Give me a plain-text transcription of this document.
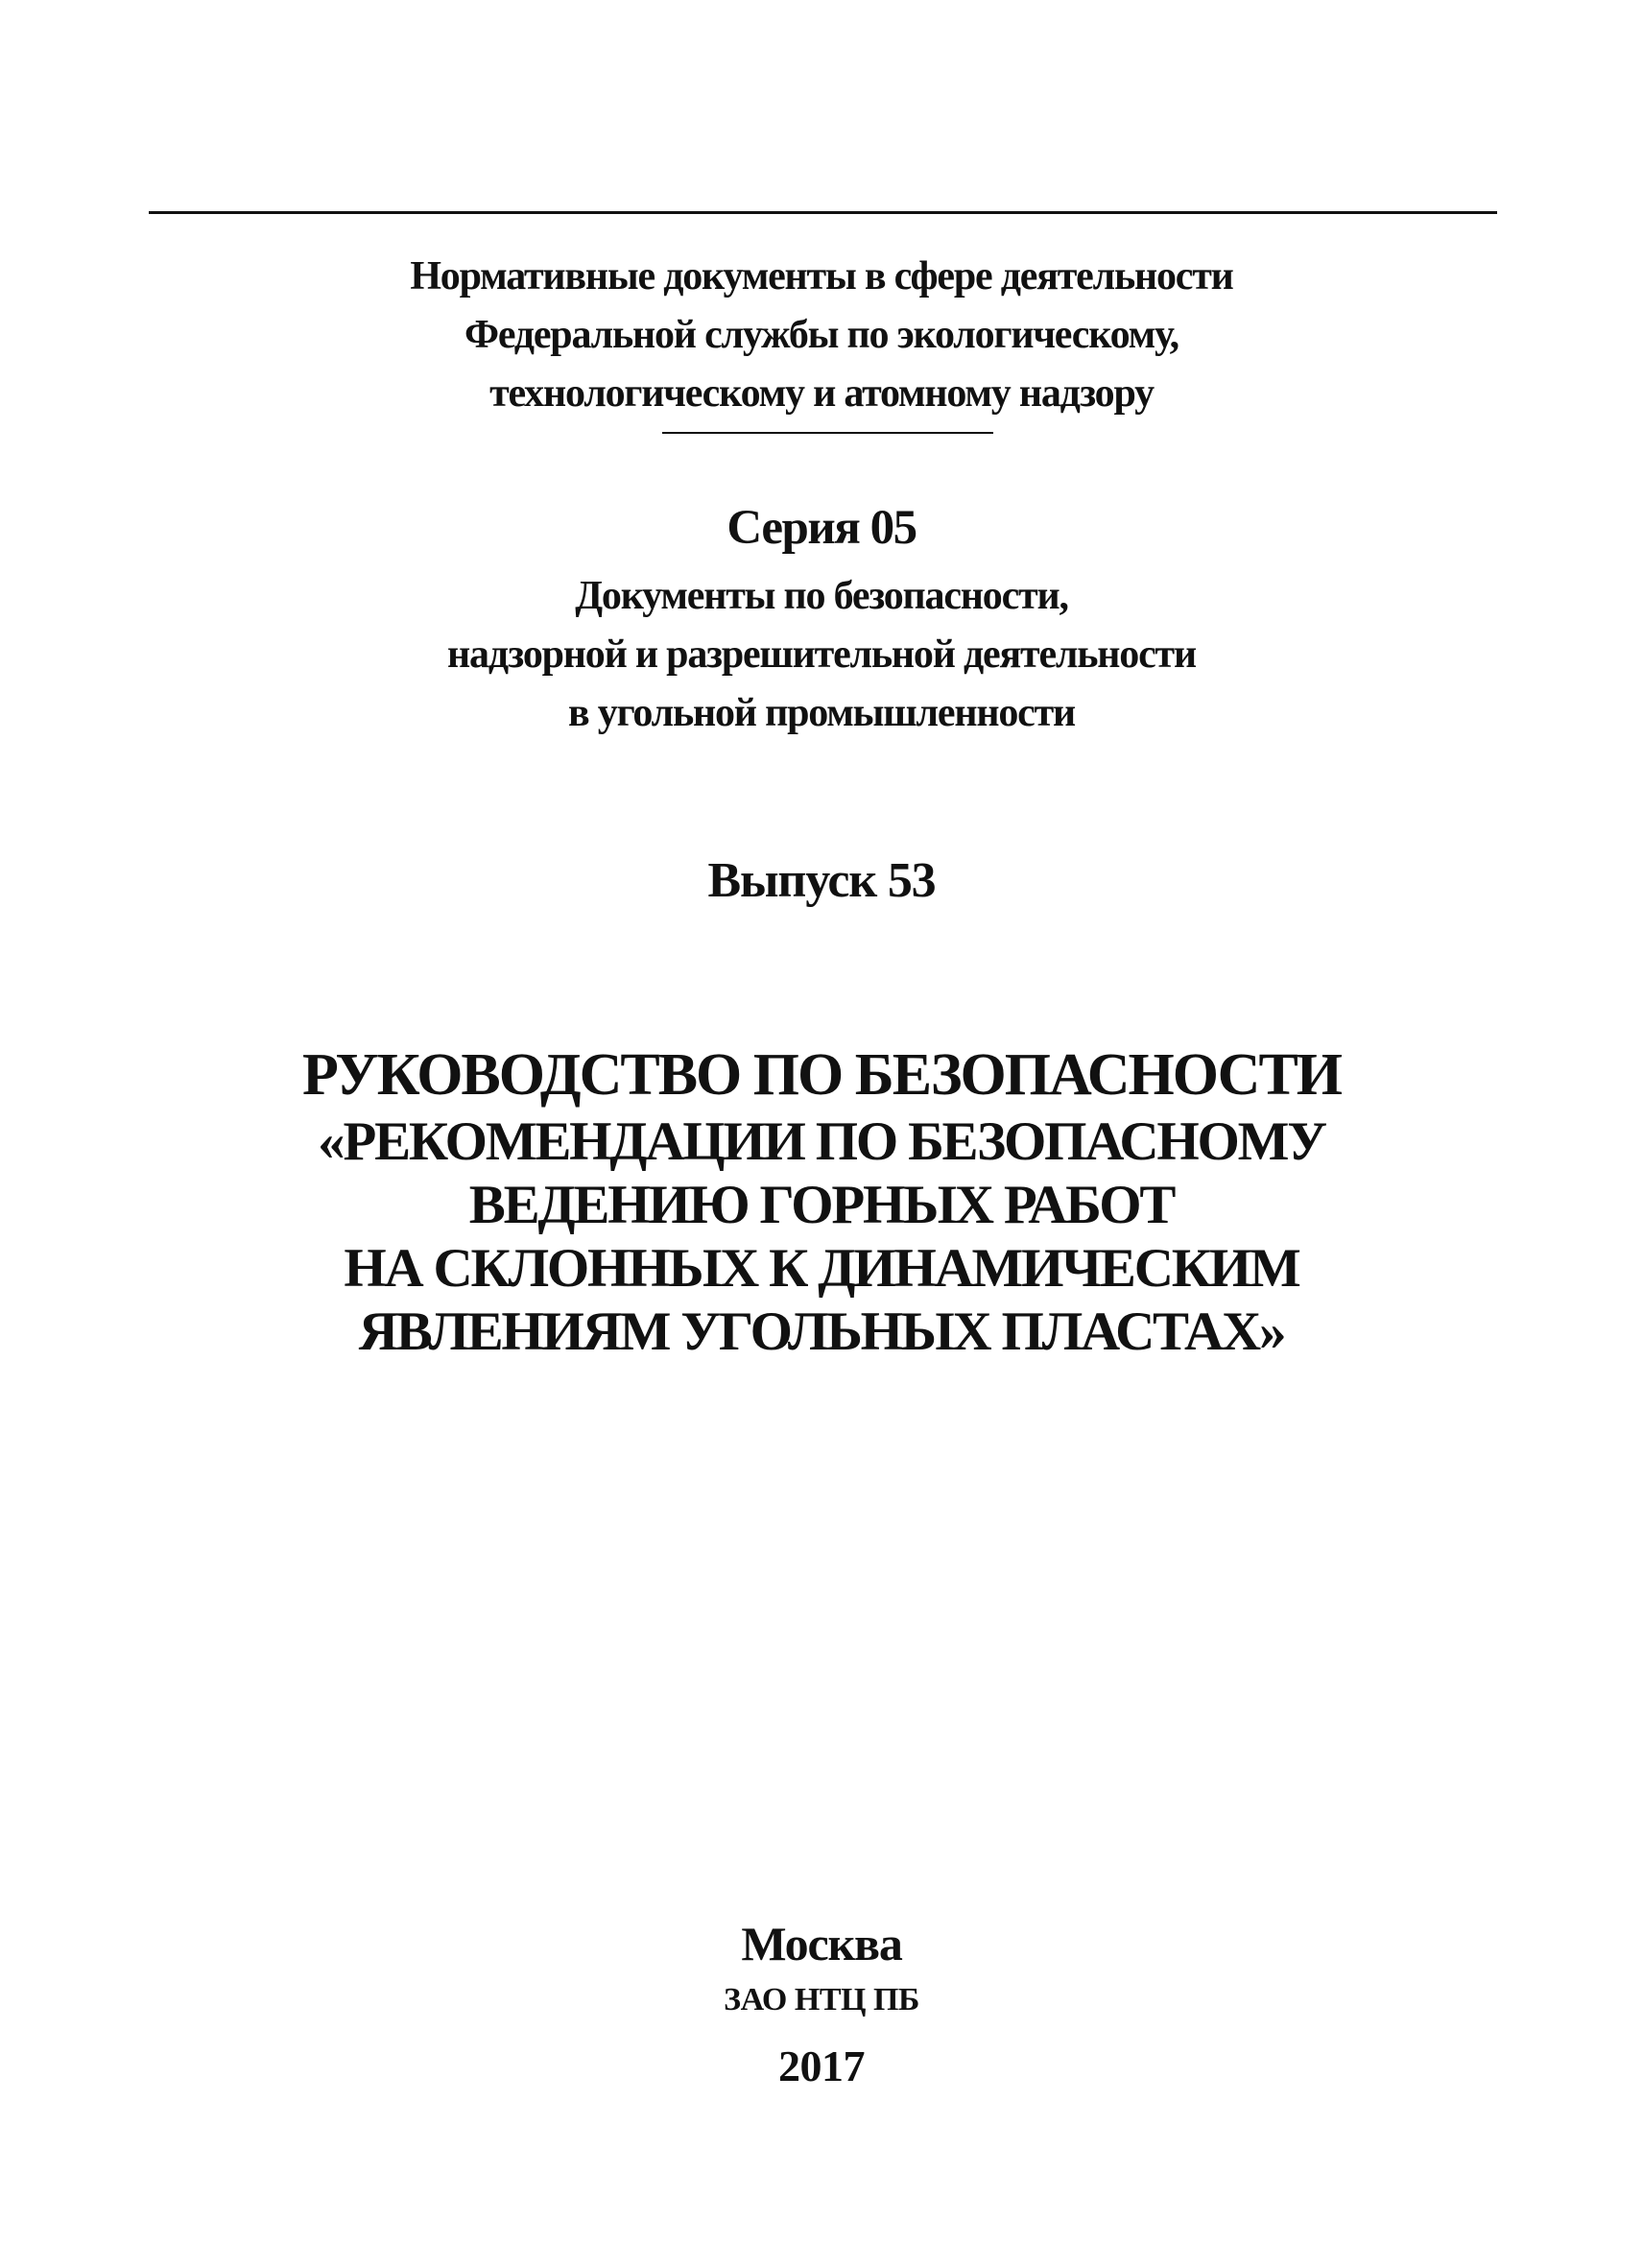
Нормативные документы в сфере деятельности
Федеральной службы по экологическому,
технологическому и атомному надзору
Серия 05
Документы по безопасности,
надзорной и разрешительной деятельности
в угольной промышленности
Выпуск 53
РУКОВОДСТВО ПО БЕЗОПАСНОСТИ
«РЕКОМЕНДАЦИИ ПО БЕЗОПАСНОМУ
ВЕДЕНИЮ ГОРНЫХ РАБОТ
НА СКЛОННЫХ К ДИНАМИЧЕСКИМ
ЯВЛЕНИЯМ УГОЛЬНЫХ ПЛАСТАХ»
Москва
ЗАО НТЦ ПБ
2017
